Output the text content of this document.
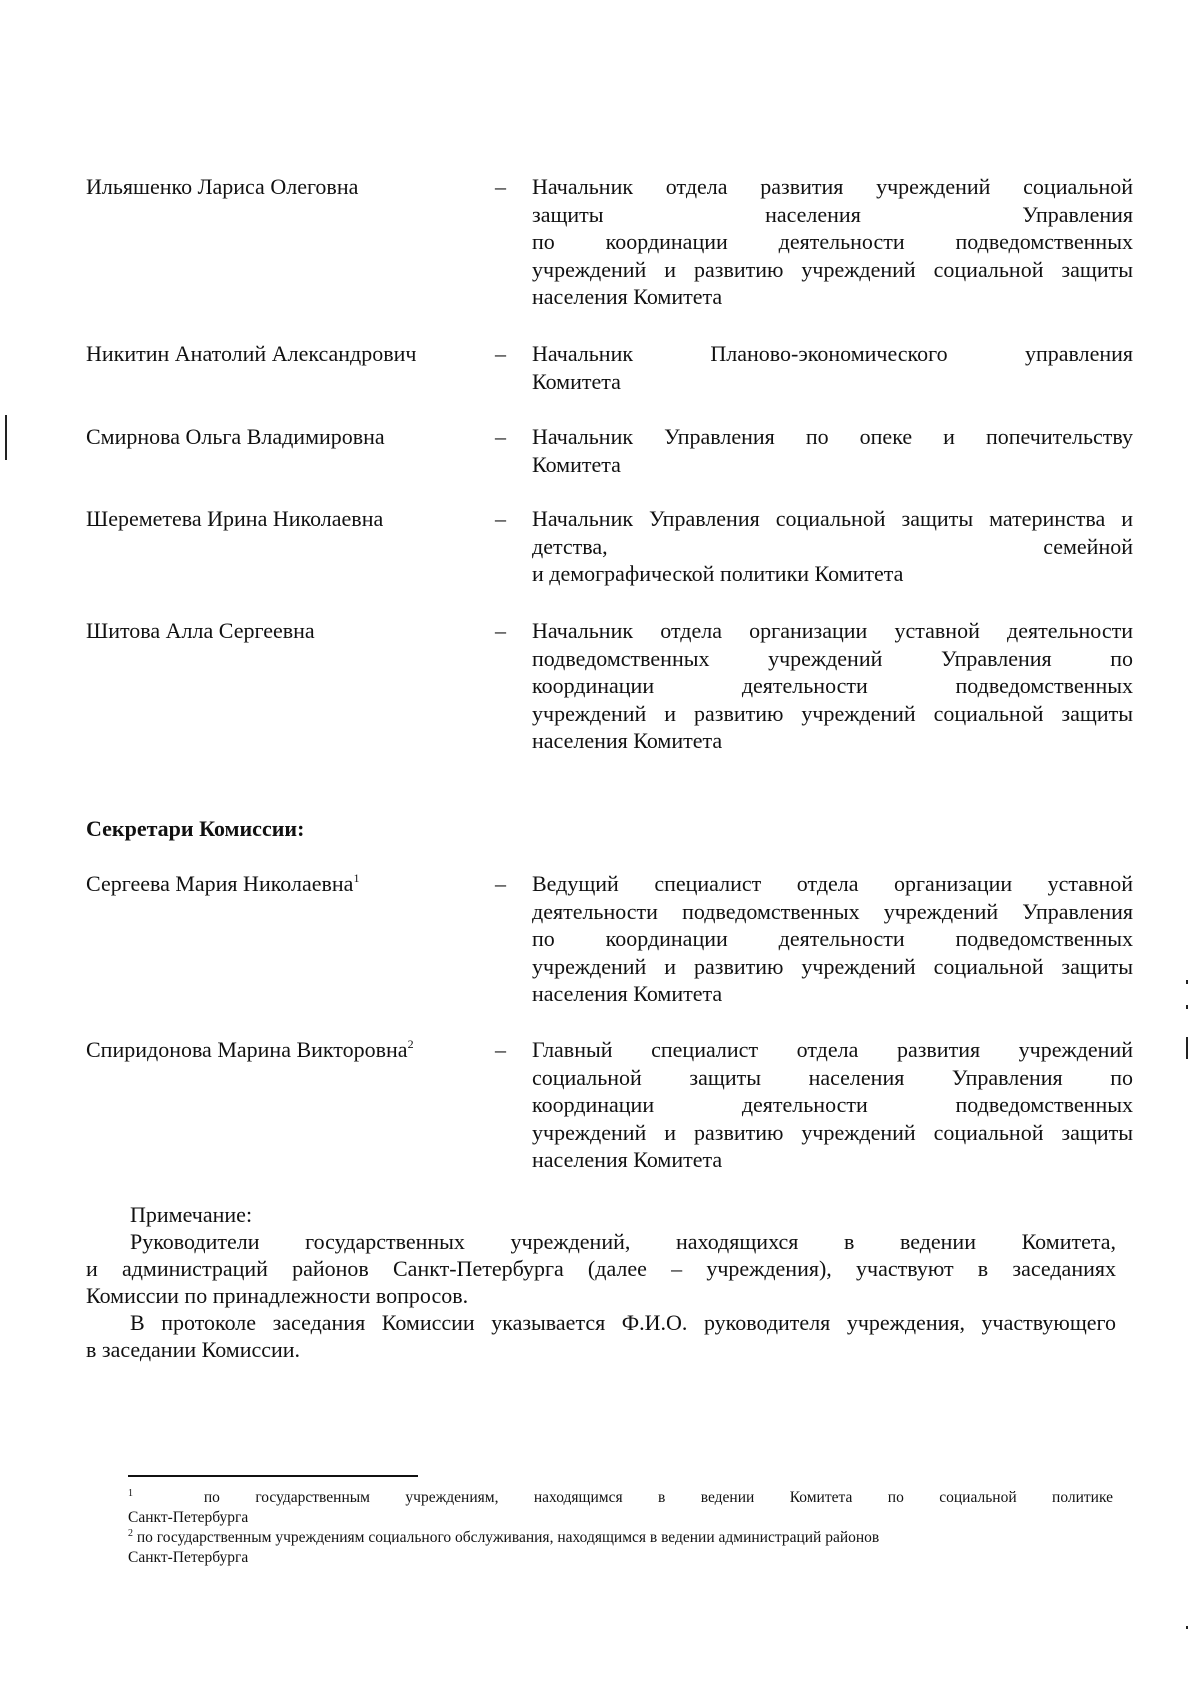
Ильяшенко Лариса Олеговна	– Начальник отдела развития учреждений социальной
защиты населения Управления
по координации деятельности подведомственных
учреждений и развитию учреждений социальной защиты
населения Комитета
Никитин Анатолий Александрович	– Начальник Планово-экономического управления
Комитета
Смирнова Ольга Владимировна	– Начальник Управления по опеке и попечительству
Комитета
Шереметева Ирина Николаевна	– Начальник Управления социальной защиты материнства и
детства, семейной
и демографической политики Комитета
Шитова Алла Сергеевна	– Начальник отдела организации уставной деятельности
подведомственных учреждений Управления по
координации деятельности подведомственных
учреждений и развитию учреждений социальной защиты
населения Комитета
Секретари Комиссии:
Сергеева Мария Николаевна$^1$	– Ведущий специалист отдела организации уставной
деятельности подведомственных учреждений Управления
по координации деятельности подведомственных
учреждений и развитию учреждений социальной защиты
населения Комитета
Спиридонова Марина Викторовна$^2$	– Главный специалист отдела развития учреждений
социальной защиты населения Управления по
координации деятельности подведомственных
учреждений и развитию учреждений социальной защиты
населения Комитета
Примечание:
Руководители государственных учреждений, находящихся в ведении Комитета,
и администраций районов Санкт-Петербурга (далее – учреждения), участвуют в заседаниях
Комиссии по принадлежности вопросов.
В протоколе заседания Комиссии указывается Ф.И.О. руководителя учреждения, участвующего
в заседании Комиссии.
$^1$	по государственным учреждениям, находящимся в ведении Комитета по социальной политике
Санкт-Петербурга
$^2$ по государственным учреждениям социального обслуживания, находящимся в ведении администраций районов
Санкт-Петербурга
